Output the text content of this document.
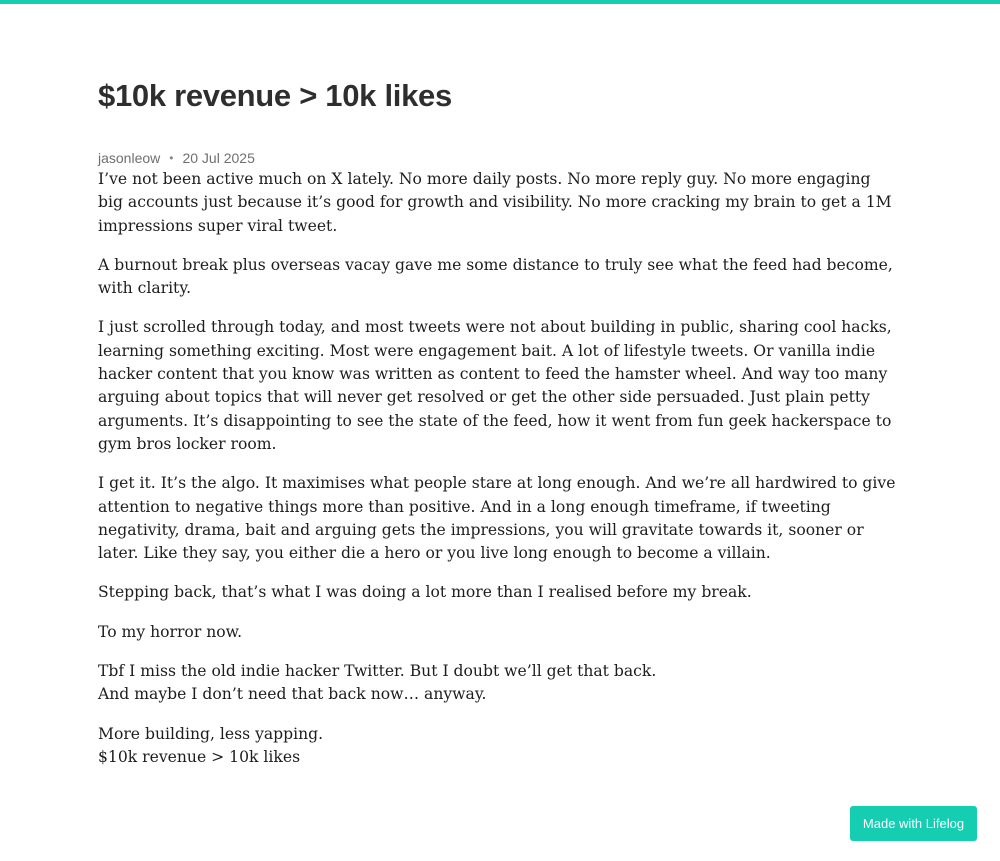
$10k revenue > 10k likes
jasonleow • 20 Jul 2025

I’ve not been active much on X lately. No more daily posts. No more reply guy. No more engaging big accounts just because it’s good for growth and visibility. No more cracking my brain to get a 1M impressions super viral tweet.

A burnout break plus overseas vacay gave me some distance to truly see what the feed had become, with clarity.

I just scrolled through today, and most tweets were not about building in public, sharing cool hacks, learning something exciting. Most were engagement bait. A lot of lifestyle tweets. Or vanilla indie hacker content that you know was written as content to feed the hamster wheel. And way too many arguing about topics that will never get resolved or get the other side persuaded. Just plain petty arguments. It’s disappointing to see the state of the feed, how it went from fun geek hackerspace to gym bros locker room.

I get it. It’s the algo. It maximises what people stare at long enough. And we’re all hardwired to give attention to negative things more than positive. And in a long enough timeframe, if tweeting negativity, drama, bait and arguing gets the impressions, you will gravitate towards it, sooner or later. Like they say, you either die a hero or you live long enough to become a villain.

Stepping back, that’s what I was doing a lot more than I realised before my break.

To my horror now.

Tbf I miss the old indie hacker Twitter. But I doubt we’ll get that back.
And maybe I don’t need that back now… anyway.

More building, less yapping.
$10k revenue > 10k likes

Made with Lifelog
